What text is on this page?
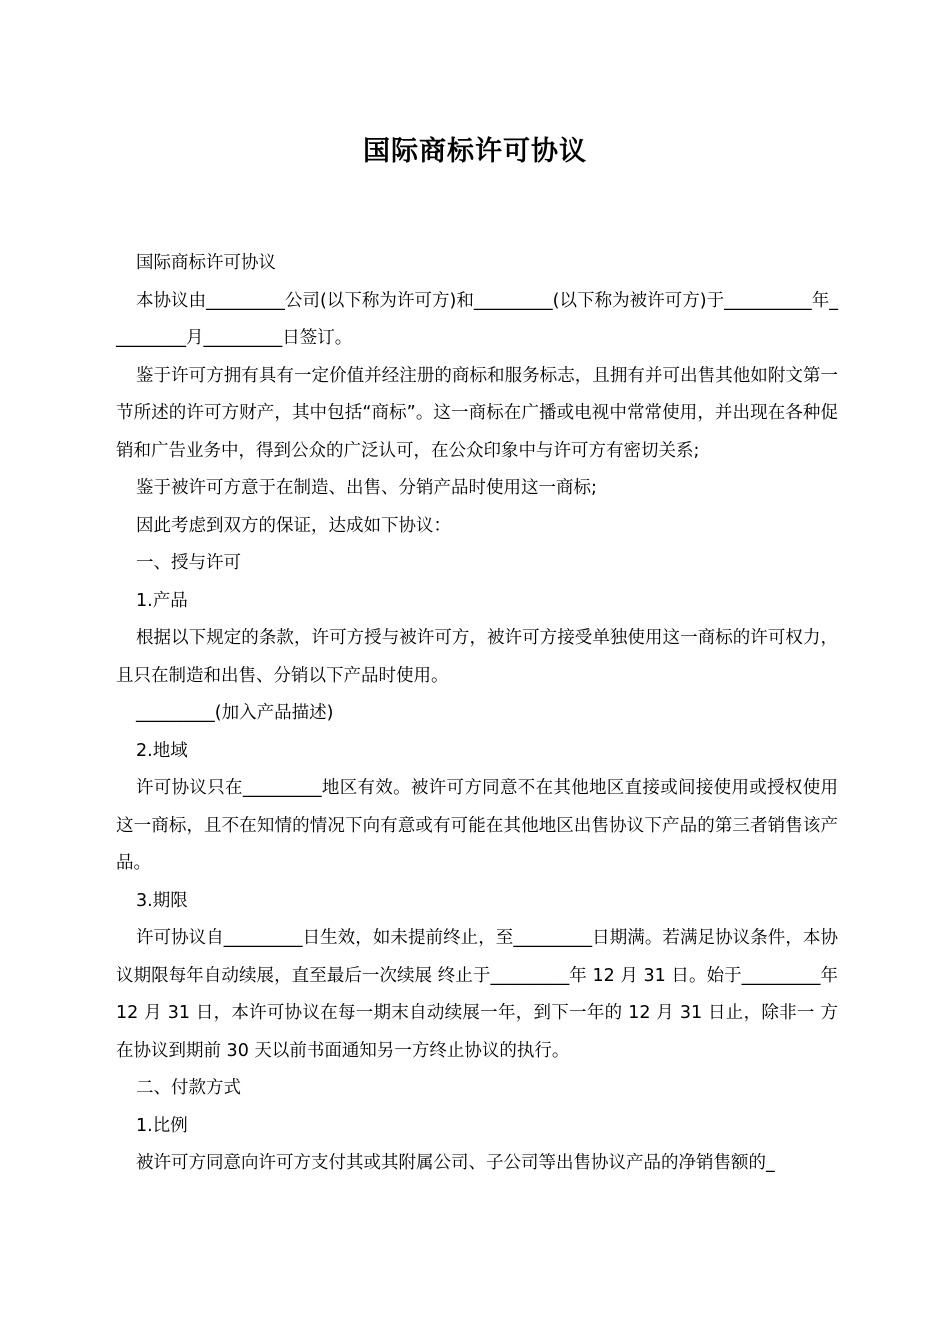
国际商标许可协议

国际商标许可协议

本协议由_________公司(以下称为许可方)和_________(以下称为被许可方)于__________年_________月_________日签订。

鉴于许可方拥有具有一定价值并经注册的商标和服务标志，且拥有并可出售其他如附文第一节所述的许可方财产，其中包括“商标”。这一商标在广播或电视中常常使用，并出现在各种促销和广告业务中，得到公众的广泛认可，在公众印象中与许可方有密切关系;

鉴于被许可方意于在制造、出售、分销产品时使用这一商标;

因此考虑到双方的保证，达成如下协议：

一、授与许可

1.产品

根据以下规定的条款，许可方授与被许可方，被许可方接受单独使用这一商标的许可权力，且只在制造和出售、分销以下产品时使用。

_________(加入产品描述)

2.地域

许可协议只在_________地区有效。被许可方同意不在其他地区直接或间接使用或授权使用这一商标，且不在知情的情况下向有意或有可能在其他地区出售协议下产品的第三者销售该产品。

3.期限

许可协议自_________日生效，如未提前终止，至_________日期满。若满足协议条件，本协议期限每年自动续展，直至最后一次续展 终止于_________年 12 月 31 日。始于_________年 12 月 31 日，本许可协议在每一期末自动续展一年，到下一年的 12 月 31 日止，除非一 方在协议到期前 30 天以前书面通知另一方终止协议的执行。

二、付款方式

1.比例

被许可方同意向许可方支付其或其附属公司、子公司等出售协议产品的净销售额的_
